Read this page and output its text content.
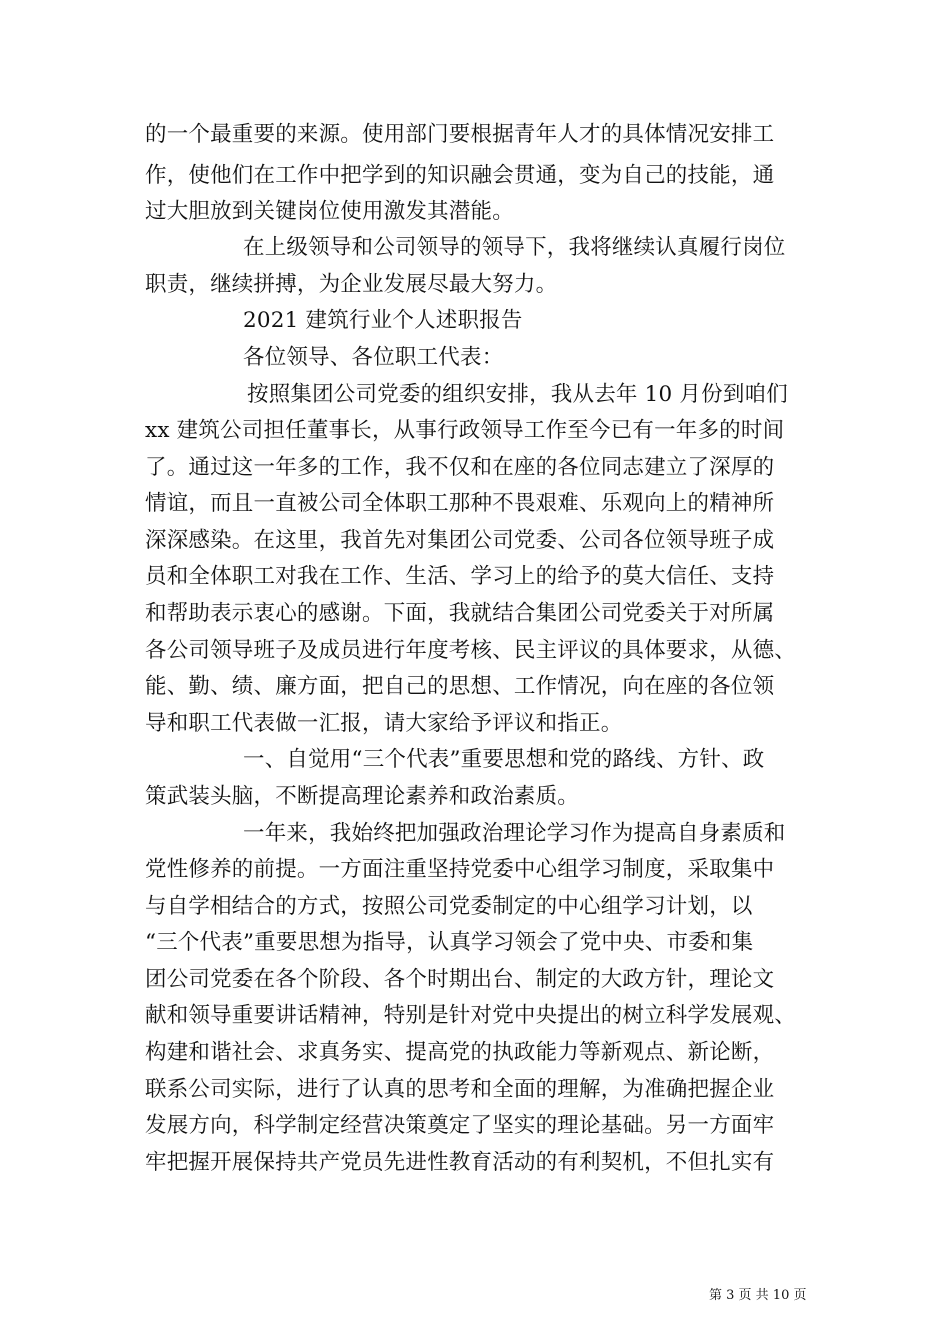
的一个最重要的来源。使用部门要根据青年人才的具体情况安排工
作，使他们在工作中把学到的知识融会贯通，变为自己的技能，通
过大胆放到关键岗位使用激发其潜能。
在上级领导和公司领导的领导下，我将继续认真履行岗位
职责，继续拼搏，为企业发展尽最大努力。
2021 建筑行业个人述职报告
各位领导、各位职工代表：
按照集团公司党委的组织安排，我从去年 10 月份到咱们
xx 建筑公司担任董事长，从事行政领导工作至今已有一年多的时间
了。通过这一年多的工作，我不仅和在座的各位同志建立了深厚的
情谊，而且一直被公司全体职工那种不畏艰难、乐观向上的精神所
深深感染。在这里，我首先对集团公司党委、公司各位领导班子成
员和全体职工对我在工作、生活、学习上的给予的莫大信任、支持
和帮助表示衷心的感谢。下面，我就结合集团公司党委关于对所属
各公司领导班子及成员进行年度考核、民主评议的具体要求，从德、
能、勤、绩、廉方面，把自己的思想、工作情况，向在座的各位领
导和职工代表做一汇报，请大家给予评议和指正。
一、自觉用“三个代表”重要思想和党的路线、方针、政
策武装头脑，不断提高理论素养和政治素质。
一年来，我始终把加强政治理论学习作为提高自身素质和
党性修养的前提。一方面注重坚持党委中心组学习制度，采取集中
与自学相结合的方式，按照公司党委制定的中心组学习计划，以
“三个代表”重要思想为指导，认真学习领会了党中央、市委和集
团公司党委在各个阶段、各个时期出台、制定的大政方针，理论文
献和领导重要讲话精神，特别是针对党中央提出的树立科学发展观、
构建和谐社会、求真务实、提高党的执政能力等新观点、新论断，
联系公司实际，进行了认真的思考和全面的理解，为准确把握企业
发展方向，科学制定经营决策奠定了坚实的理论基础。另一方面牢
牢把握开展保持共产党员先进性教育活动的有利契机，不但扎实有
第 3 页 共 10 页
